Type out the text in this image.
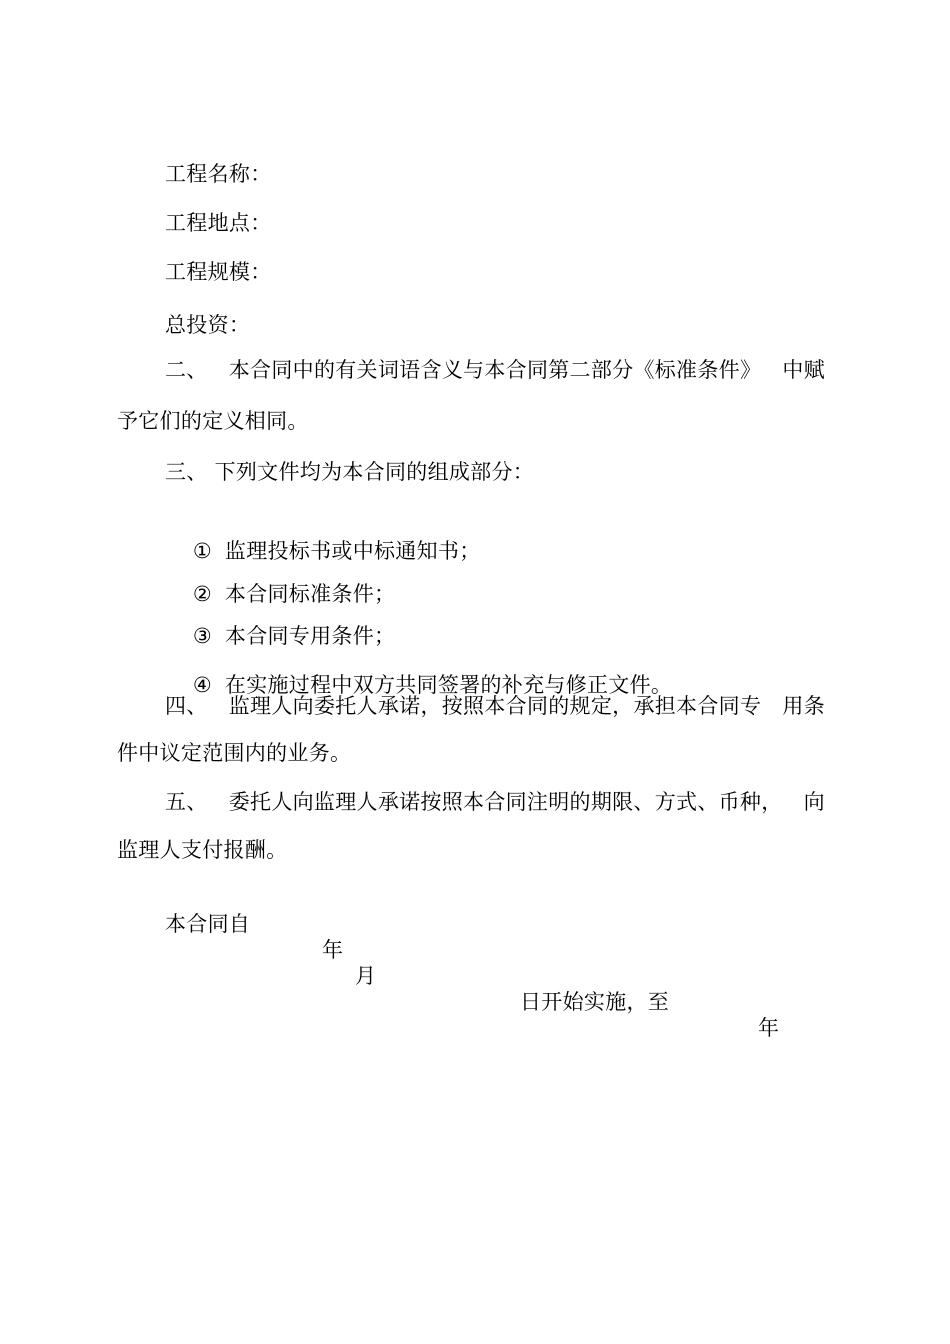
工程名称：
工程地点：
工程规模：
总投资：
二、 本合同中的有关词语含义与本合同第二部分《标准条件》 中赋
予它们的定义相同。
三、 下列文件均为本合同的组成部分：

① 监理投标书或中标通知书；

② 本合同标准条件；

③ 本合同专用条件；

④ 在实施过程中双方共同签署的补充与修正文件。

四、 监理人向委托人承诺，按照本合同的规定，承担本合同专 用条
件中议定范围内的业务。
五、 委托人向监理人承诺按照本合同注明的期限、方式、币种， 向
监理人支付报酬。

本合同自

年

月

日开始实施，至

年
